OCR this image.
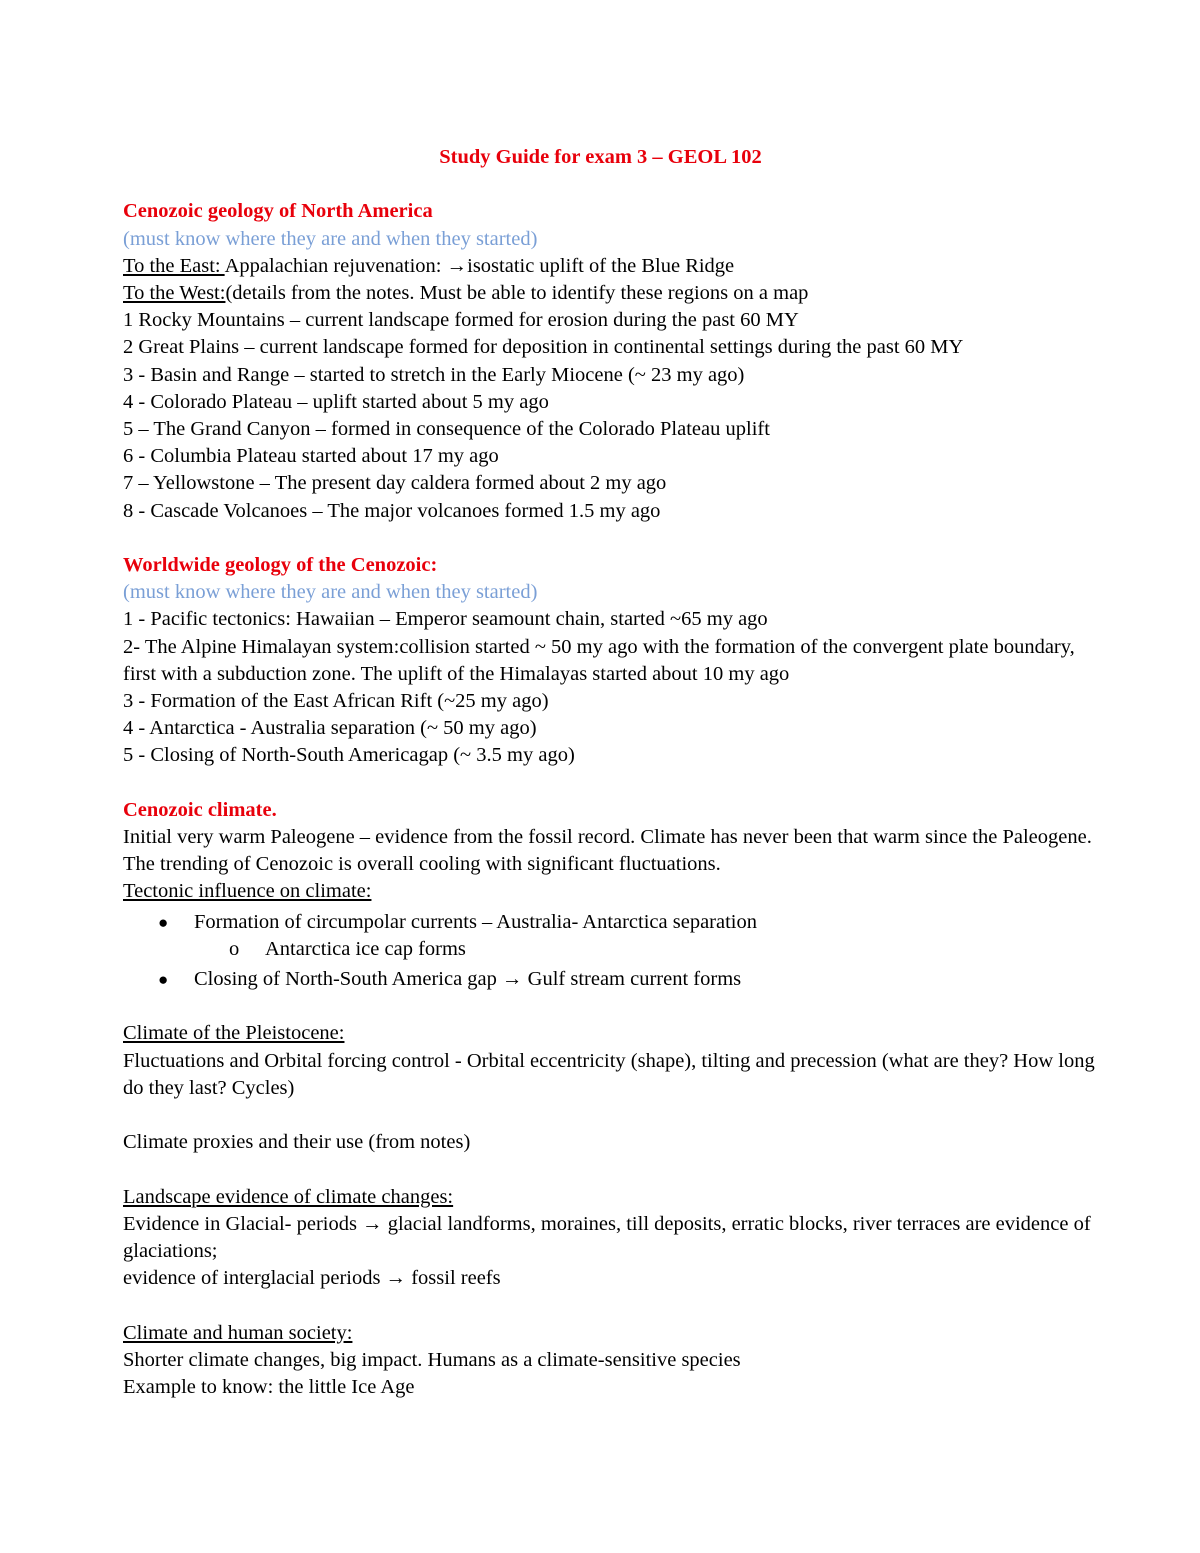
Study Guide for exam 3 – GEOL 102
Cenozoic geology of North America
(must know where they are and when they started)
To the East: Appalachian rejuvenation: →isostatic uplift of the Blue Ridge
To the West:(details from the notes. Must be able to identify these regions on a map
1 Rocky Mountains – current landscape formed for erosion during the past 60 MY
2 Great Plains – current landscape formed for deposition in continental settings during the past 60 MY
3 - Basin and Range – started to stretch in the Early Miocene (~ 23 my ago)
4 - Colorado Plateau – uplift started about 5 my ago
5 – The Grand Canyon – formed in consequence of the Colorado Plateau uplift
6 - Columbia Plateau started about 17 my ago
7 – Yellowstone – The present day caldera formed about 2 my ago
8 - Cascade Volcanoes – The major volcanoes formed 1.5 my ago
Worldwide geology of the Cenozoic:
(must know where they are and when they started)
1 - Pacific tectonics: Hawaiian – Emperor seamount chain, started ~65 my ago
2- The Alpine Himalayan system:collision started ~ 50 my ago with the formation of the convergent plate boundary, first with a subduction zone. The uplift of the Himalayas started about 10 my ago
3 - Formation of the East African Rift (~25 my ago)
4 - Antarctica - Australia separation (~ 50 my ago)
5 - Closing of North-South Americagap (~ 3.5 my ago)
Cenozoic climate.
Initial very warm Paleogene – evidence from the fossil record. Climate has never been that warm since the Paleogene. The trending of Cenozoic is overall cooling with significant fluctuations.
Tectonic influence on climate:
● Formation of circumpolar currents – Australia- Antarctica separation
o Antarctica ice cap forms
● Closing of North-South America gap → Gulf stream current forms
Climate of the Pleistocene:
Fluctuations and Orbital forcing control - Orbital eccentricity (shape), tilting and precession (what are they? How long do they last? Cycles)
Climate proxies and their use (from notes)
Landscape evidence of climate changes:
Evidence in Glacial- periods → glacial landforms, moraines, till deposits, erratic blocks, river terraces are evidence of glaciations;
evidence of interglacial periods → fossil reefs
Climate and human society:
Shorter climate changes, big impact. Humans as a climate-sensitive species
Example to know: the little Ice Age
